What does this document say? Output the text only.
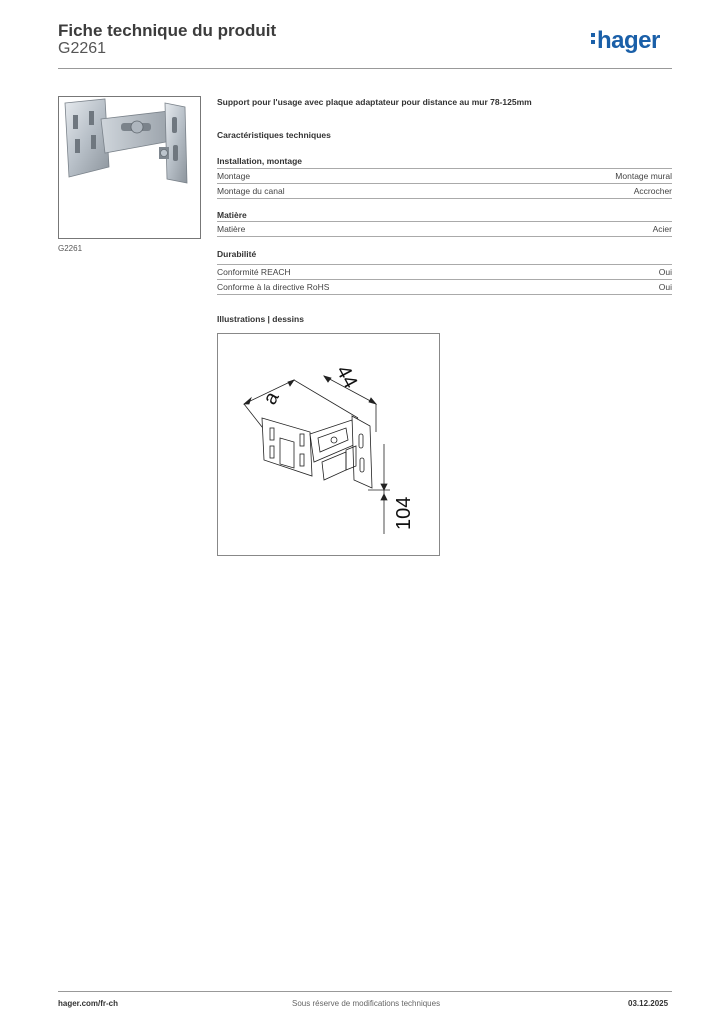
Fiche technique du produit
G2261	hager
G2261
Support pour l'usage avec plaque adaptateur pour distance au mur 78-125mm
Caractéristiques techniques
Installation, montage
Montage	Montage mural
Montage du canal	Accrocher
Matière
Matière	Acier
Durabilité
Conformité REACH	Oui
Conforme à la directive RoHS	Oui
Illustrations | dessins
a
44
104
hager.com/fr-ch	Sous réserve de modifications techniques	03.12.2025
